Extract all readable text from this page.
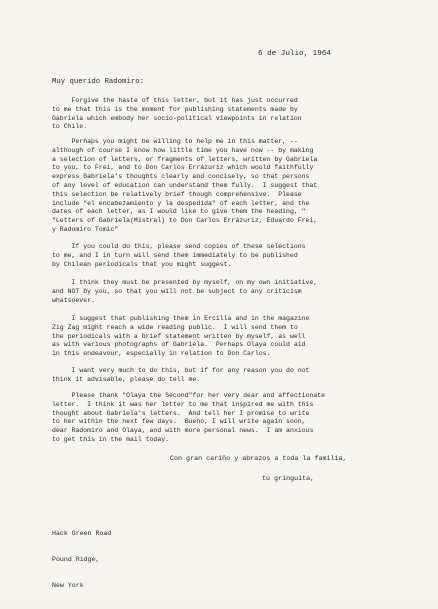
6 de Julio, 1964
Muy querido Radomiro:
Forgive the haste of this letter, but it has just occurred
to me that this is the moment for publishing statements made by
Gabriela which embody her socio-political viewpoints in relation
to Chile.
Perhaps you might be willing to help me in this matter, --
although of course I know how little time you have now -- by making
a selection of letters, or fragments of letters, written by Gabriela
to you, to Frei, and to Don Carlos Errázuriz which would faithfully
express Gabriela's thoughts clearly and concisely, so that persons
of any level of education can understand them fully.  I suggest that
this selection be relatively brief though comprehensive.  Please
include "el encabezamiento y la despedida" of each letter, and the
dates of each letter, as I would like to give them the heading, "
"Letters of Gabriela(Mistral) to Don Carlos Errázuriz, Eduardo Frei,
y Radomiro Tomic"
If you could do this, please send copies of these selections
to me, and I in turn will send them immediately to be published
by Chilean periodicals that you might suggest.
I think they must be presented by myself, on my own initiative,
and NOT by you, so that you will not be subject to any criticism
whatsoever.
I suggest that publishing them in Ercilla and in the magazine
Zig Zag might reach a wide reading public.  I will send them to
the periodicals with a brief statement written by myself, as well
as with various photographs of Gabriela.  Perhaps Olaya could aid
in this endeavour, especially in relation to Don Carlos.
I want very much to do this, but if for any reason you do not
think it advisable, please do tell me.
Please thank "Olaya the Second"for her very dear and affectionate
letter.  I think it was her letter to me that inspired me with this
thought about Gabriela's letters.  And tell her I promise to write
to her within the next few days.  Bueno, I will write again soon,
dear Radomiro and Olaya, and with more personal news.  I am anxious
to get this in the mail today.
Con gran cariño y abrazos a toda la familia,
tu gringuita,

Hack Green Road

Pound Ridge,

New York
